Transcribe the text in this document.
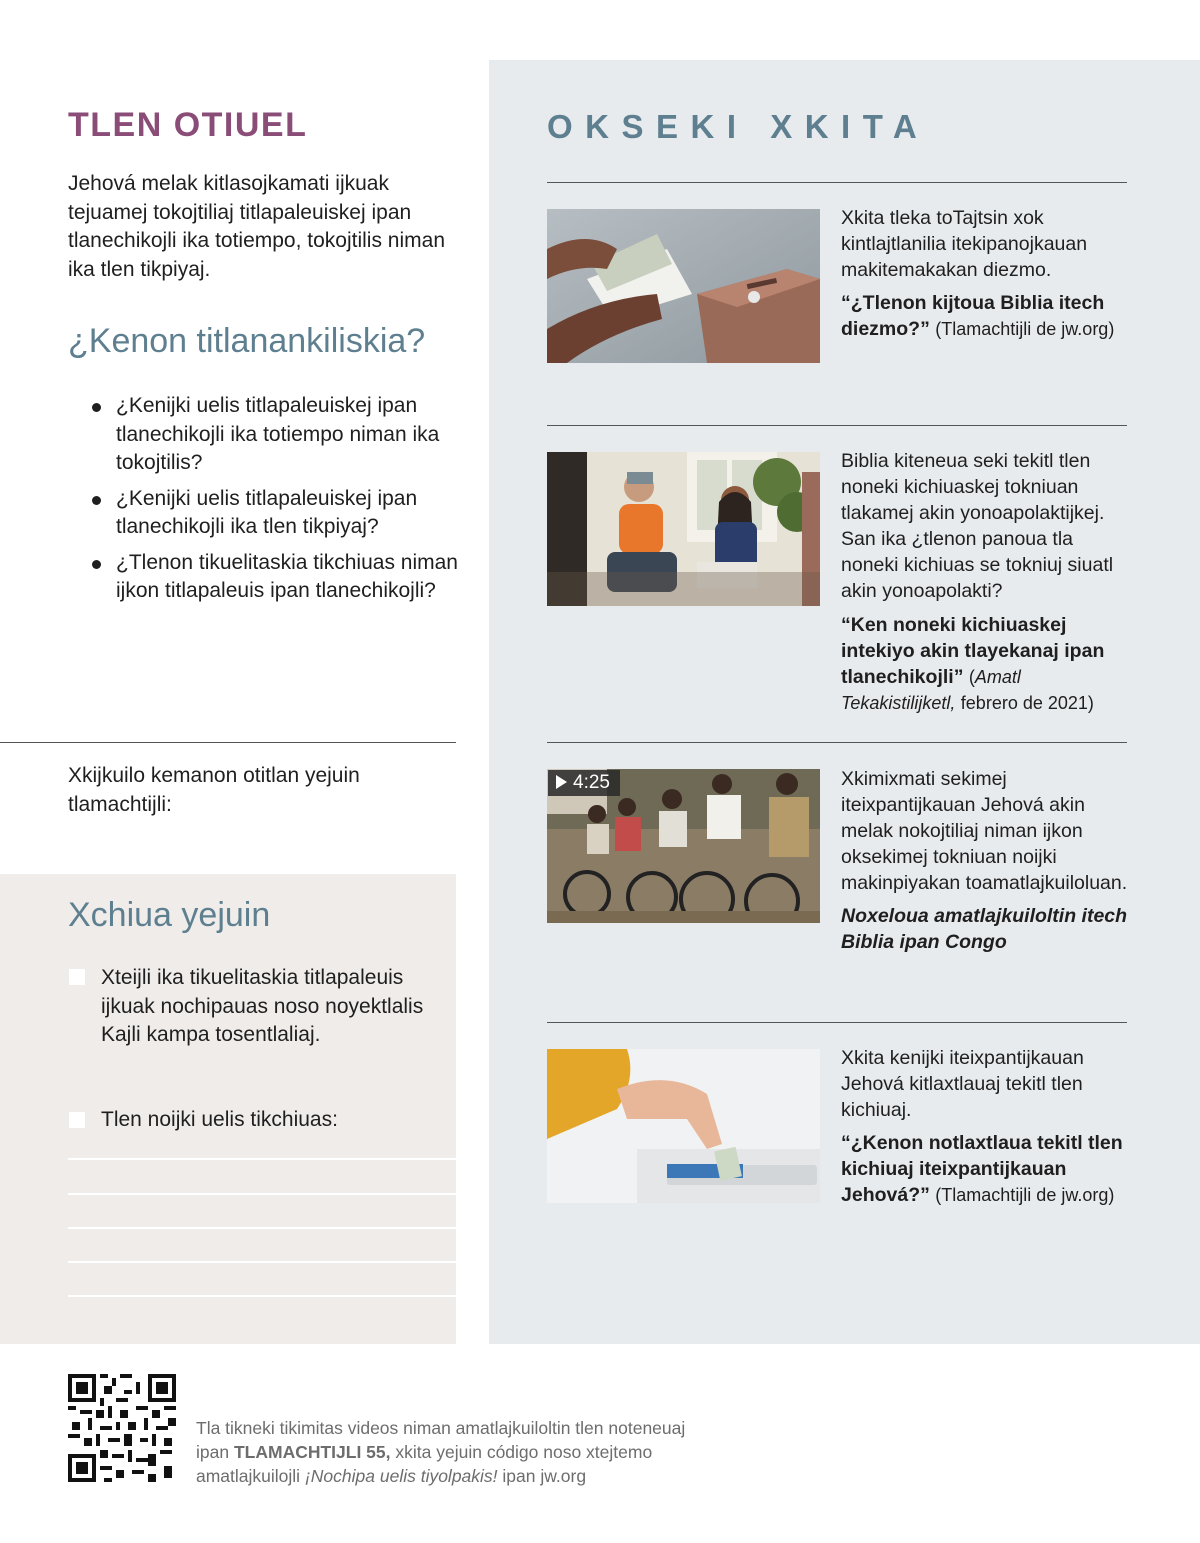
TLEN OTIUEL

Jehová melak kitlasojkamati ijkuak tejuamej tokojtiliaj titlapaleuiskej ipan tlanechikojli ika totiempo, tokojtilis niman ika tlen tikpiyaj.

¿Kenon titlanankiliskia?
¿Kenijki uelis titlapaleuiskej ipan tlanechikojli ika totiempo niman ika tokojtilis?
¿Kenijki uelis titlapaleuiskej ipan tlanechikojli ika tlen tikpiyaj?
¿Tlenon tikuelitaskia tikchiuas niman ijkon titlapaleuis ipan tlanechikojli?

Xkijkuilo kemanon otitlan yejuin tlamachtijli:

Xchiua yejuin

Xteijli ika tikuelitaskia titlapaleuis ijkuak nochipauas noso noyektlalis Kajli kampa tosentlaliaj.

Tlen noijki uelis tikchiuas:

OKSEKI XKITA

Xkita tleka toTajtsin xok kintlajtlanilia itekipanojkauan makitemakakan diezmo.

“¿Tlenon kijtoua Biblia itech diezmo?” (Tlamachtijli de jw.org)

Biblia kiteneua seki tekitl tlen noneki kichiuaskej tokniuan tlakamej akin yonoapolaktijkej. San ika ¿tlenon panoua tla noneki kichiuas se tokniuj siuatl akin yonoapolakti?

“Ken noneki kichiuaskej intekiyo akin tlayekanaj ipan tlanechikojli” (Amatl Tekakistilijketl, febrero de 2021)

4:25	Xkimixmati sekimej iteixpantijkauan Jehová akin melak nokojtiliaj niman ijkon oksekimej tokniuan noijki makinpiyakan toamatlajkuiloluan.

Noxeloua amatlajkuiloltin itech Biblia ipan Congo

Xkita kenijki iteixpantijkauan Jehová kitlaxtlauaj tekitl tlen kichiuaj.

“¿Kenon notlaxtlaua tekitl tlen kichiuaj iteixpantijkauan Jehová?” (Tlamachtijli de jw.org)

Tla tikneki tikimitas videos niman amatlajkuiloltin tlen noteneuaj ipan TLAMACHTIJLI 55, xkita yejuin código noso xtejtemo amatlajkuilojli ¡Nochipa uelis tiyolpakis! ipan jw.org
